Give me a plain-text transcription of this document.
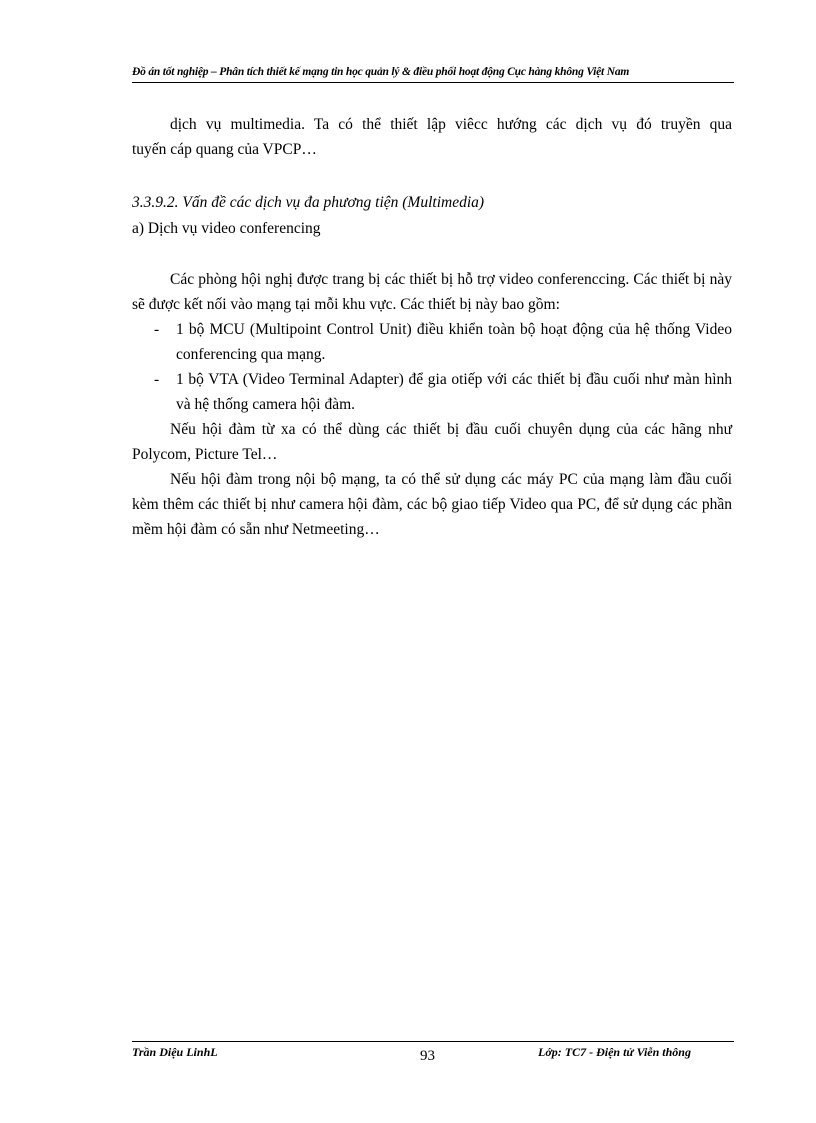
Đồ án tốt nghiệp – Phân tích thiết kế mạng tin học quản lý & điều phối hoạt động Cục hàng không Việt Nam

dịch vụ multimedia. Ta có thể thiết lập viêcc hướng các dịch vụ đó truyền qua

tuyến cáp quang của VPCP…

3.3.9.2. Vấn đề các dịch vụ đa phương tiện (Multimedia)
a) Dịch vụ video conferencing

Các phòng hội nghị được trang bị các thiết bị hỗ trợ video conferenccing. Các thiết bị này sẽ được kết nối vào mạng tại mỗi khu vực. Các thiết bị này bao gồm:

-	1 bộ MCU (Multipoint Control Unit) điều khiển toàn bộ hoạt động của hệ thống Video conferencing qua mạng.
-	1 bộ VTA (Video Terminal Adapter) để gia otiếp với các thiết bị đầu cuối như màn hình và hệ thống camera hội đàm.

Nếu hội đàm từ xa có thể dùng các thiết bị đầu cuối chuyên dụng của các hãng như Polycom, Picture Tel…

Nếu hội đàm trong nội bộ mạng, ta có thể sử dụng các máy PC của mạng làm đầu cuối kèm thêm các thiết bị như camera hội đàm, các bộ giao tiếp Video qua PC, để sử dụng các phần mềm hội đàm có sẵn như Netmeeting…

Trần Diệu LinhL	93	Lớp: TC7 - Điện tử Viễn thông
